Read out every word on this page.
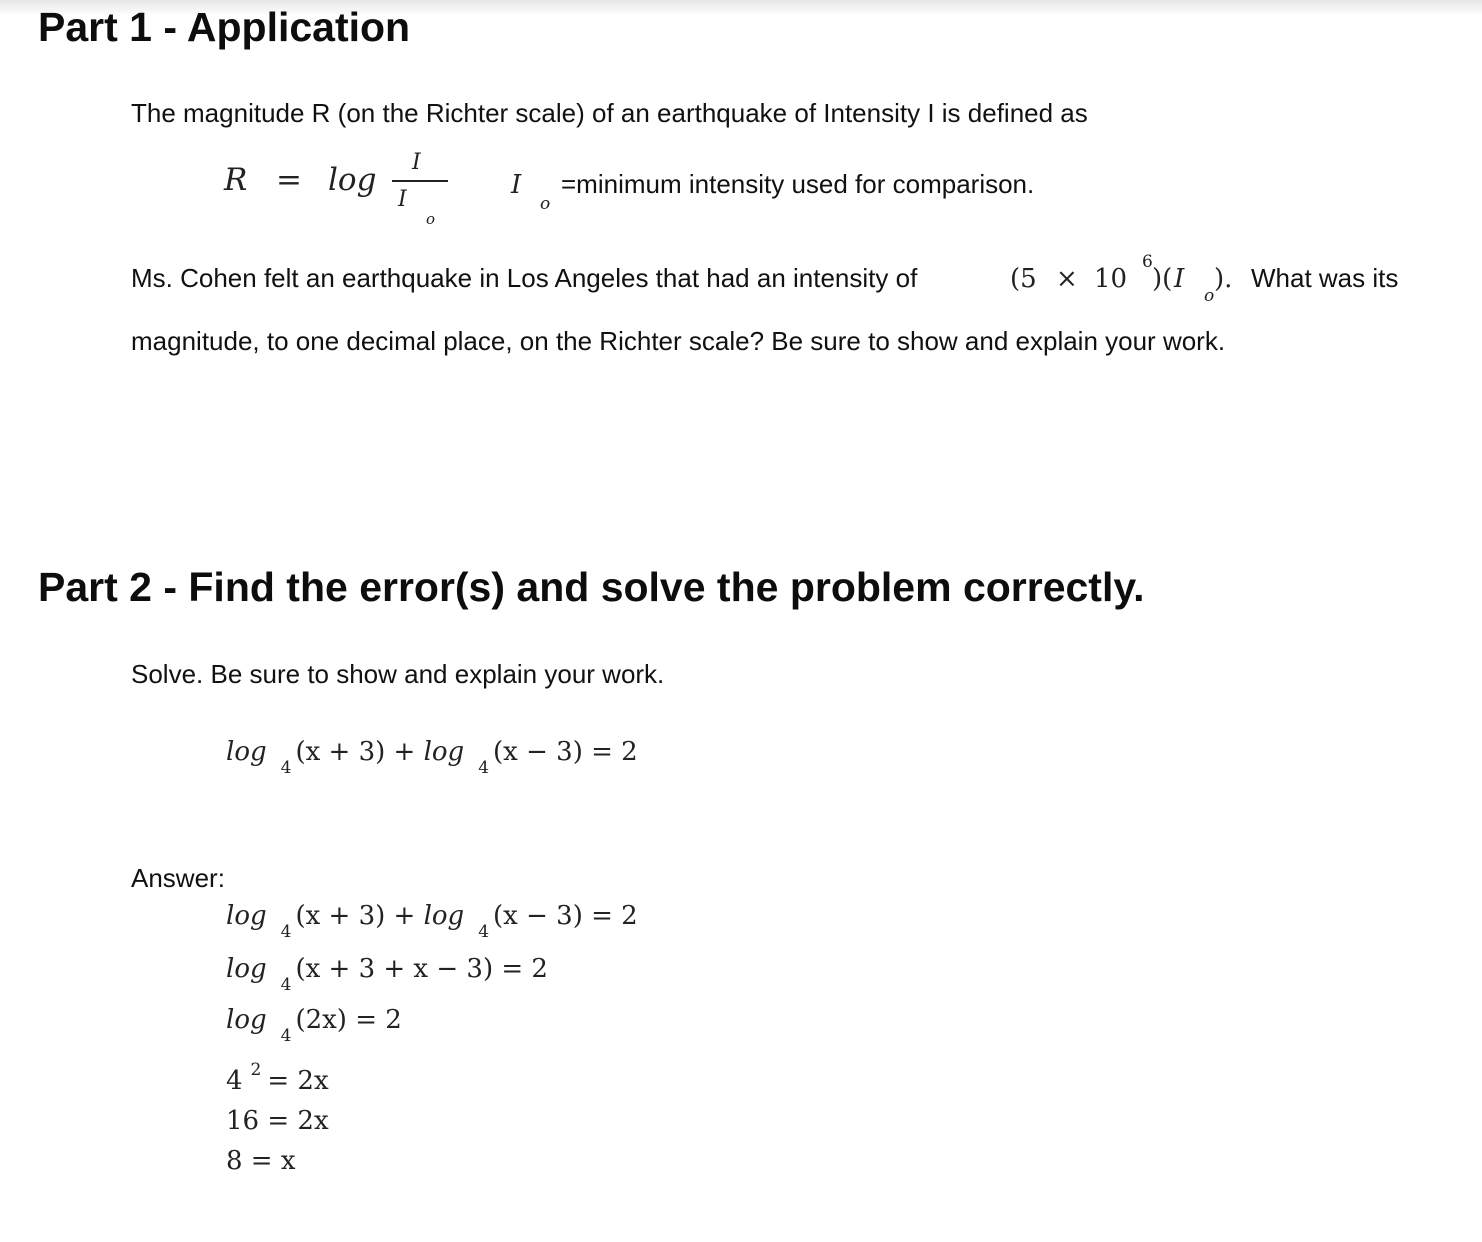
Part 1 - Application
The magnitude R (on the Richter scale) of an earthquake of Intensity I is defined as
R = log I
I
o
I
o
=minimum intensity used for comparison.
Ms. Cohen felt an earthquake in Los Angeles that had an intensity of	(5 × 10
6
)( I
o
). What was its
magnitude, to one decimal place, on the Richter scale? Be sure to show and explain your work.
Part 2 - Find the error(s) and solve the problem correctly.
Solve. Be sure to show and explain your work.
$\log_4(x + 3) + \log_4(x - 3) = 2$
Answer:
$\log_4(x + 3) + \log_4(x - 3) = 2$
$\log_4(x + 3 + x - 3) = 2$
$\log_4(2x) = 2$
4 $^2$ = 2x
16 = 2x
8 = x
